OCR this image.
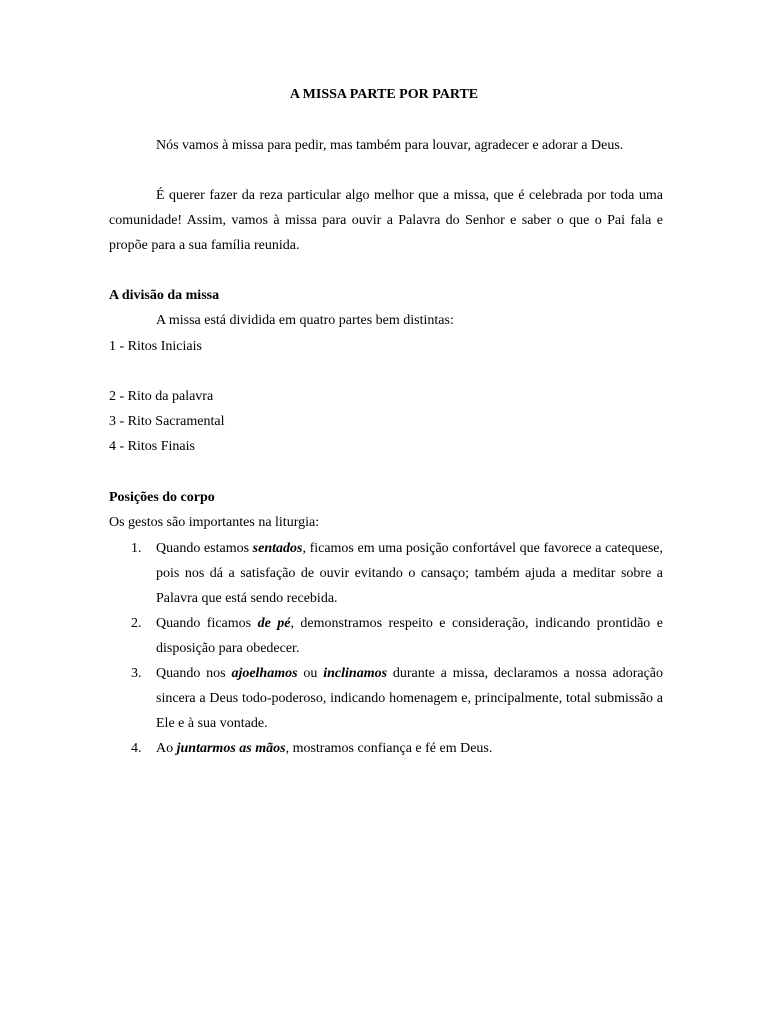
A MISSA PARTE POR PARTE

Nós vamos à missa para pedir, mas também para louvar, agradecer e adorar a Deus.

É querer fazer da reza particular algo melhor que a missa, que é celebrada por toda uma comunidade! Assim, vamos à missa para ouvir a Palavra do Senhor e saber o que o Pai fala e propõe para a sua família reunida.

A divisão da missa
A missa está dividida em quatro partes bem distintas:
1 - Ritos Iniciais
2 - Rito da palavra
3 - Rito Sacramental
4 - Ritos Finais
Posições do corpo
Os gestos são importantes na liturgia:
1.	Quando estamos sentados, ficamos em uma posição confortável que favorece a catequese, pois nos dá a satisfação de ouvir evitando o cansaço; também ajuda a meditar sobre a Palavra que está sendo recebida.
2.	Quando ficamos de pé, demonstramos respeito e consideração, indicando prontidão e disposição para obedecer.
3.	Quando nos ajoelhamos ou inclinamos durante a missa, declaramos a nossa adoração sincera a Deus todo-poderoso, indicando homenagem e, principalmente, total submissão a Ele e à sua vontade.
4.	Ao juntarmos as mãos, mostramos confiança e fé em Deus.
